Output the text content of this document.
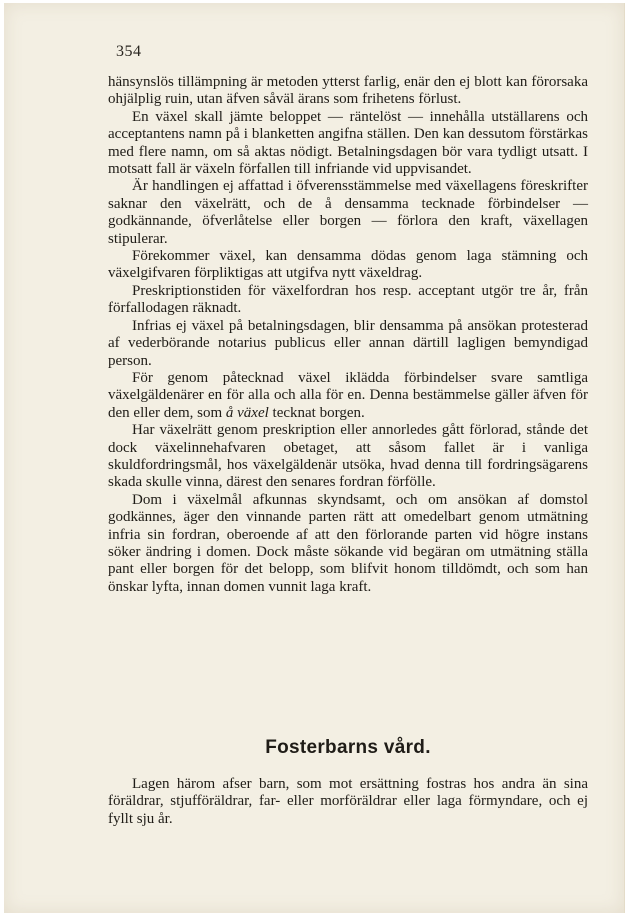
354

hänsynslös tillämpning är metoden ytterst farlig, enär den ej blott kan förorsaka ohjälplig ruin, utan äfven såväl ärans som frihetens förlust.

En växel skall jämte beloppet — räntelöst — innehålla utställarens och acceptantens namn på i blanketten angifna ställen. Den kan dessutom förstärkas med flere namn, om så aktas nödigt. Betalningsdagen bör vara tydligt utsatt. I motsatt fall är växeln förfallen till infriande vid uppvisandet.

Är handlingen ej affattad i öfverensstämmelse med växellagens föreskrifter saknar den växelrätt, och de å densamma tecknade förbindelser — godkännande, öfverlåtelse eller borgen — förlora den kraft, växellagen stipulerar.

Förekommer växel, kan densamma dödas genom laga stämning och växelgifvaren förpliktigas att utgifva nytt växeldrag.

Preskriptionstiden för växelfordran hos resp. acceptant utgör tre år, från förfallodagen räknadt.

Infrias ej växel på betalningsdagen, blir densamma på ansökan protesterad af vederbörande notarius publicus eller annan därtill lagligen bemyndigad person.

För genom påtecknad växel iklädda förbindelser svare samtliga växelgäldenärer en för alla och alla för en. Denna bestämmelse gäller äfven för den eller dem, som å växel tecknat borgen.

Har växelrätt genom preskription eller annorledes gått förlorad, stånde det dock växelinnehafvaren obetaget, att såsom fallet är i vanliga skuldfordringsmål, hos växelgäldenär utsöka, hvad denna till fordringsägarens skada skulle vinna, därest den senares fordran förfölle.

Dom i växelmål afkunnas skyndsamt, och om ansökan af domstol godkännes, äger den vinnande parten rätt att omedelbart genom utmätning infria sin fordran, oberoende af att den förlorande parten vid högre instans söker ändring i domen. Dock måste sökande vid begäran om utmätning ställa pant eller borgen för det belopp, som blifvit honom tilldömdt, och som han önskar lyfta, innan domen vunnit laga kraft.

Fosterbarns vård.

Lagen härom afser barn, som mot ersättning fostras hos andra än sina föräldrar, stjufföräldrar, far- eller morföräldrar eller laga förmyndare, och ej fyllt sju år.
